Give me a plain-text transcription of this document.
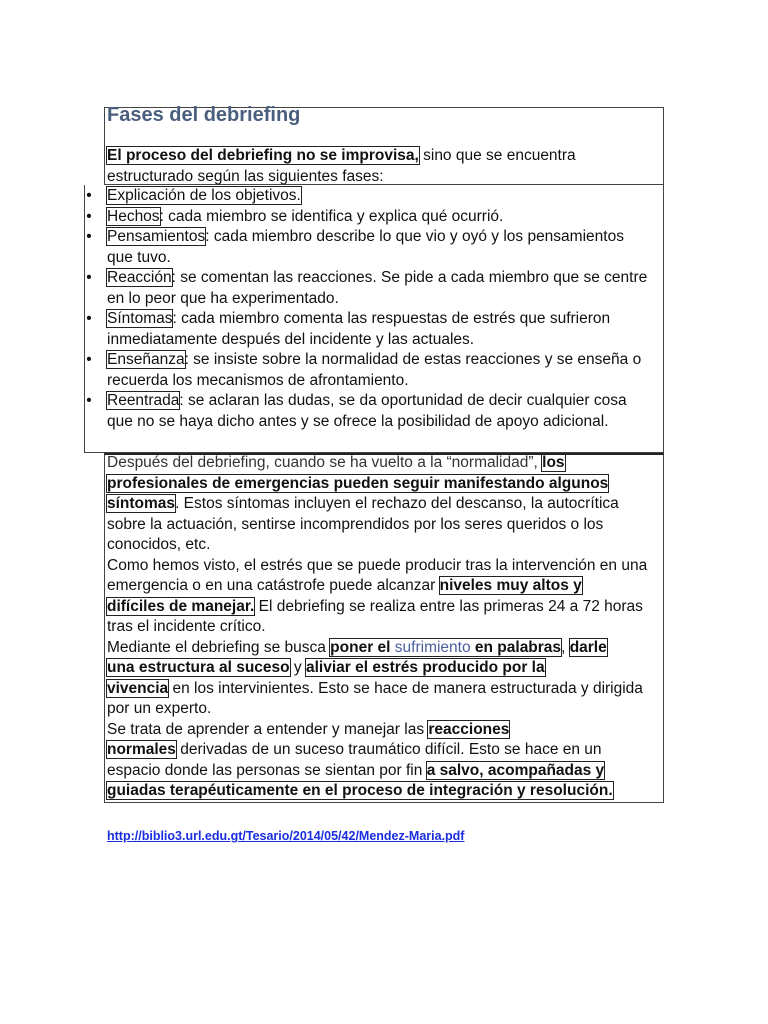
Fases del debriefing

El proceso del debriefing no se improvisa, sino que se encuentra estructurado según las siguientes fases:

• Explicación de los objetivos.
• Hechos: cada miembro se identifica y explica qué ocurrió.
• Pensamientos: cada miembro describe lo que vio y oyó y los pensamientos que tuvo.
• Reacción: se comentan las reacciones. Se pide a cada miembro que se centre en lo peor que ha experimentado.
• Síntomas: cada miembro comenta las respuestas de estrés que sufrieron inmediatamente después del incidente y las actuales.
• Enseñanza: se insiste sobre la normalidad de estas reacciones y se enseña o recuerda los mecanismos de afrontamiento.
• Reentrada: se aclaran las dudas, se da oportunidad de decir cualquier cosa que no se haya dicho antes y se ofrece la posibilidad de apoyo adicional.
Después del debriefing, cuando se ha vuelto a la “normalidad”, los
profesionales de emergencias pueden seguir manifestando algunos
síntomas. Estos síntomas incluyen el rechazo del descanso, la autocrítica sobre la actuación, sentirse incomprendidos por los seres queridos o los conocidos, etc.
Como hemos visto, el estrés que se puede producir tras la intervención en una emergencia o en una catástrofe puede alcanzar niveles muy altos y
difíciles de manejar. El debriefing se realiza entre las primeras 24 a 72 horas tras el incidente crítico.
Mediante el debriefing se busca poner el sufrimiento en palabras, darle
una estructura al suceso y aliviar el estrés producido por la
vivencia en los intervinientes. Esto se hace de manera estructurada y dirigida por un experto.
Se trata de aprender a entender y manejar las reacciones
normales derivadas de un suceso traumático difícil. Esto se hace en un espacio donde las personas se sientan por fin a salvo, acompañadas y
guiadas terapéuticamente en el proceso de integración y resolución.
http://biblio3.url.edu.gt/Tesario/2014/05/42/Mendez-Maria.pdf
